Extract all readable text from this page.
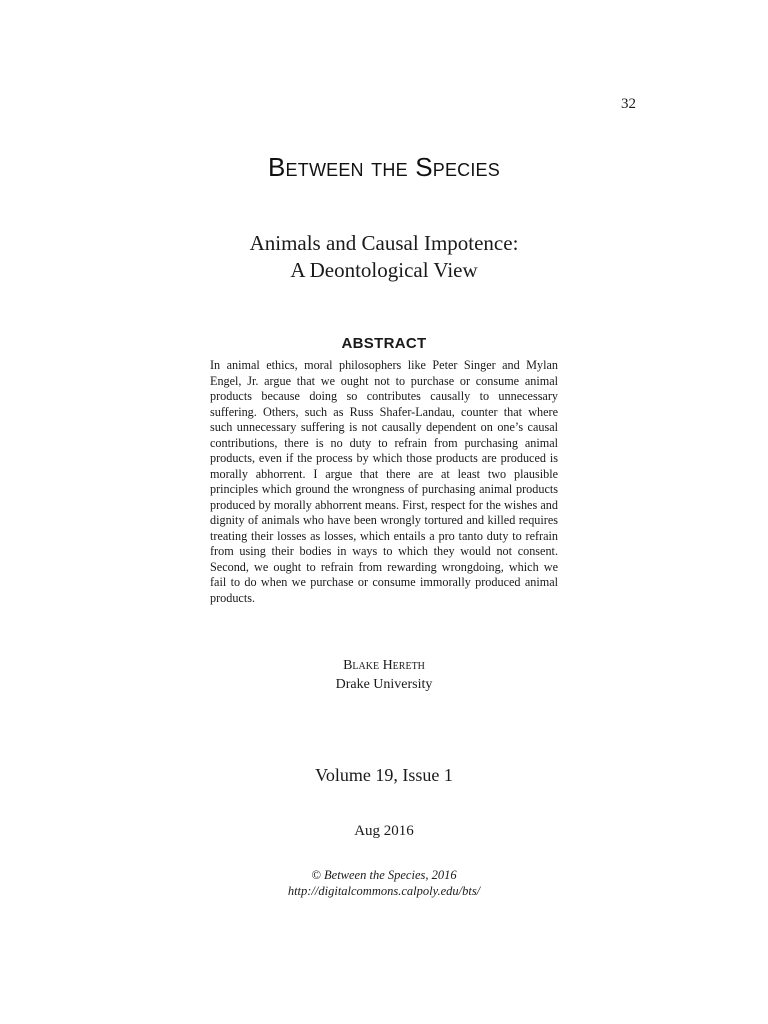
32
Between the Species
Animals and Causal Impotence:
A Deontological View
ABSTRACT
In animal ethics, moral philosophers like Peter Singer and Mylan Engel, Jr. argue that we ought not to purchase or consume animal products because doing so contributes causally to unnecessary suffering. Others, such as Russ Shafer-Landau, counter that where such unnecessary suffering is not causally dependent on one’s causal contributions, there is no duty to refrain from purchasing animal products, even if the process by which those products are produced is morally abhorrent. I argue that there are at least two plausible principles which ground the wrongness of purchasing animal products produced by morally abhorrent means. First, respect for the wishes and dignity of animals who have been wrongly tortured and killed requires treating their losses as losses, which entails a pro tanto duty to refrain from using their bodies in ways to which they would not consent. Second, we ought to refrain from rewarding wrongdoing, which we fail to do when we purchase or consume immorally produced animal products.
Blake Hereth
Drake University
Volume 19, Issue 1
Aug 2016
© Between the Species, 2016
http://digitalcommons.calpoly.edu/bts/
